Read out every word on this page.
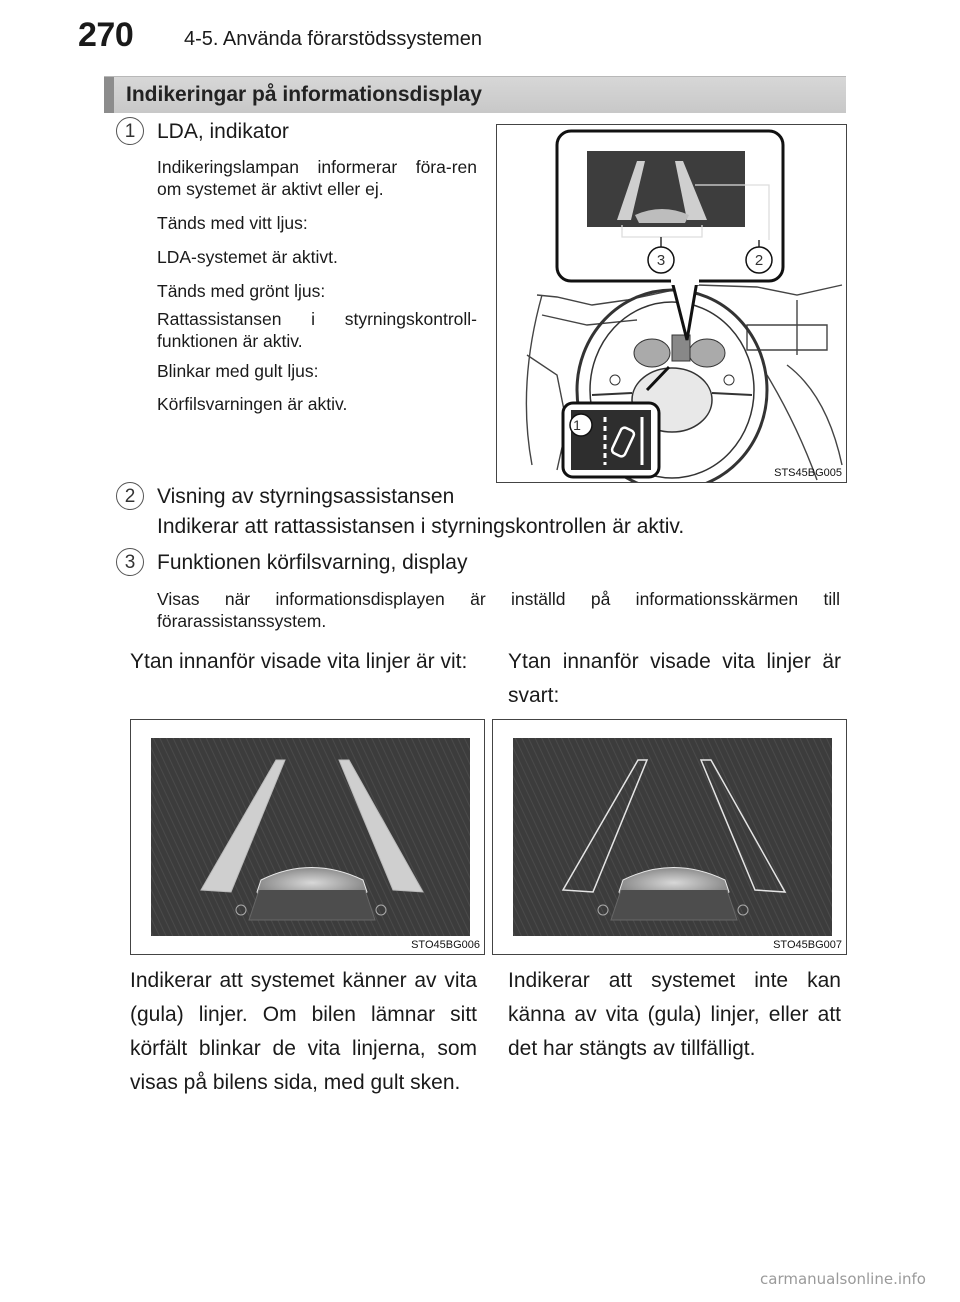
270	4-5. Använda förarstödssystemen
Indikeringar på informationsdisplay
1	LDA, indikator
Indikeringslampan informerar föra-ren om systemet är aktivt eller ej.
Tänds med vitt ljus:
LDA-systemet är aktivt.
Tänds med grönt ljus:
Rattassistansen i styrningskontroll-funktionen är aktiv.
Blinkar med gult ljus:
Körfilsvarningen är aktiv.
1
2
3
STS45BG005
2	Visning av styrningsassistansen
Indikerar att rattassistansen i styrningskontrollen är aktiv.
3	Funktionen körfilsvarning, display
Visas när informationsdisplayen är inställd på informationsskärmen till förarassistanssystem.
Ytan innanför visade vita linjer är vit:	Ytan innanför visade vita linjer är svart:
STO45BG006	STO45BG007
Indikerar att systemet känner av vita (gula) linjer. Om bilen lämnar sitt körfält blinkar de vita linjerna, som visas på bilens sida, med gult sken.
Indikerar att systemet inte kan känna av vita (gula) linjer, eller att det har stängts av tillfälligt.
carmanualsonline.info
